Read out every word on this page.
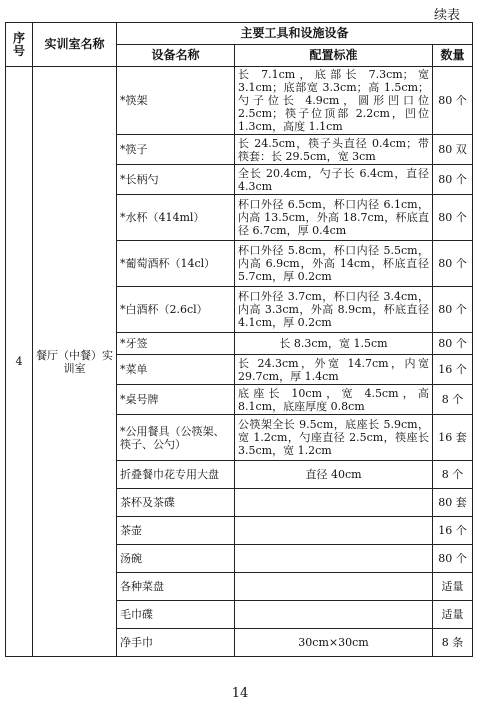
续表
序号	实训室名称	主要工具和设施设备		
		设备名称	配置标准	数量
4	餐厅（中餐）实训室	*筷架	长 7.1cm，底部长 7.3cm；宽 3.1cm；底部宽 3.3cm；高 1.5cm；勺子位长 4.9cm，圆形凹口位 2.5cm；筷子位顶部 2.2cm，凹位 1.3cm，高度 1.1cm	80 个
		*筷子	长 24.5cm，筷子头直径 0.4cm；带筷套：长 29.5cm，宽 3cm	80 双
		*长柄勺	全长 20.4cm，勺子长 6.4cm，直径 4.3cm	80 个
		*水杯（414ml）	杯口外径 6.5cm，杯口内径 6.1cm，内高 13.5cm，外高 18.7cm，杯底直径 6.7cm，厚 0.4cm	80 个
		*葡萄酒杯（14cl）	杯口外径 5.8cm，杯口内径 5.5cm，内高 6.9cm，外高 14cm，杯底直径 5.7cm，厚 0.2cm	80 个
		*白酒杯（2.6cl）	杯口外径 3.7cm，杯口内径 3.4cm，内高 3.3cm，外高 8.9cm，杯底直径 4.1cm，厚 0.2cm	80 个
		*牙签	长 8.3cm，宽 1.5cm	80 个
		*菜单	长 24.3cm，外宽 14.7cm，内宽 29.7cm，厚 1.4cm	16 个
		*桌号牌	底座长 10cm，宽 4.5cm，高 8.1cm，底座厚度 0.8cm	8 个
		*公用餐具（公筷架、筷子、公勺）	公筷架全长 9.5cm，底座长 5.9cm，宽 1.2cm，勺座直径 2.5cm，筷座长 3.5cm，宽 1.2cm	16 套
		折叠餐巾花专用大盘	直径 40cm	8 个
		茶杯及茶碟		80 套
		茶壶		16 个
		汤碗		80 个
		各种菜盘		适量
		毛巾碟		适量
		净手巾	30cm×30cm	8 条
14
